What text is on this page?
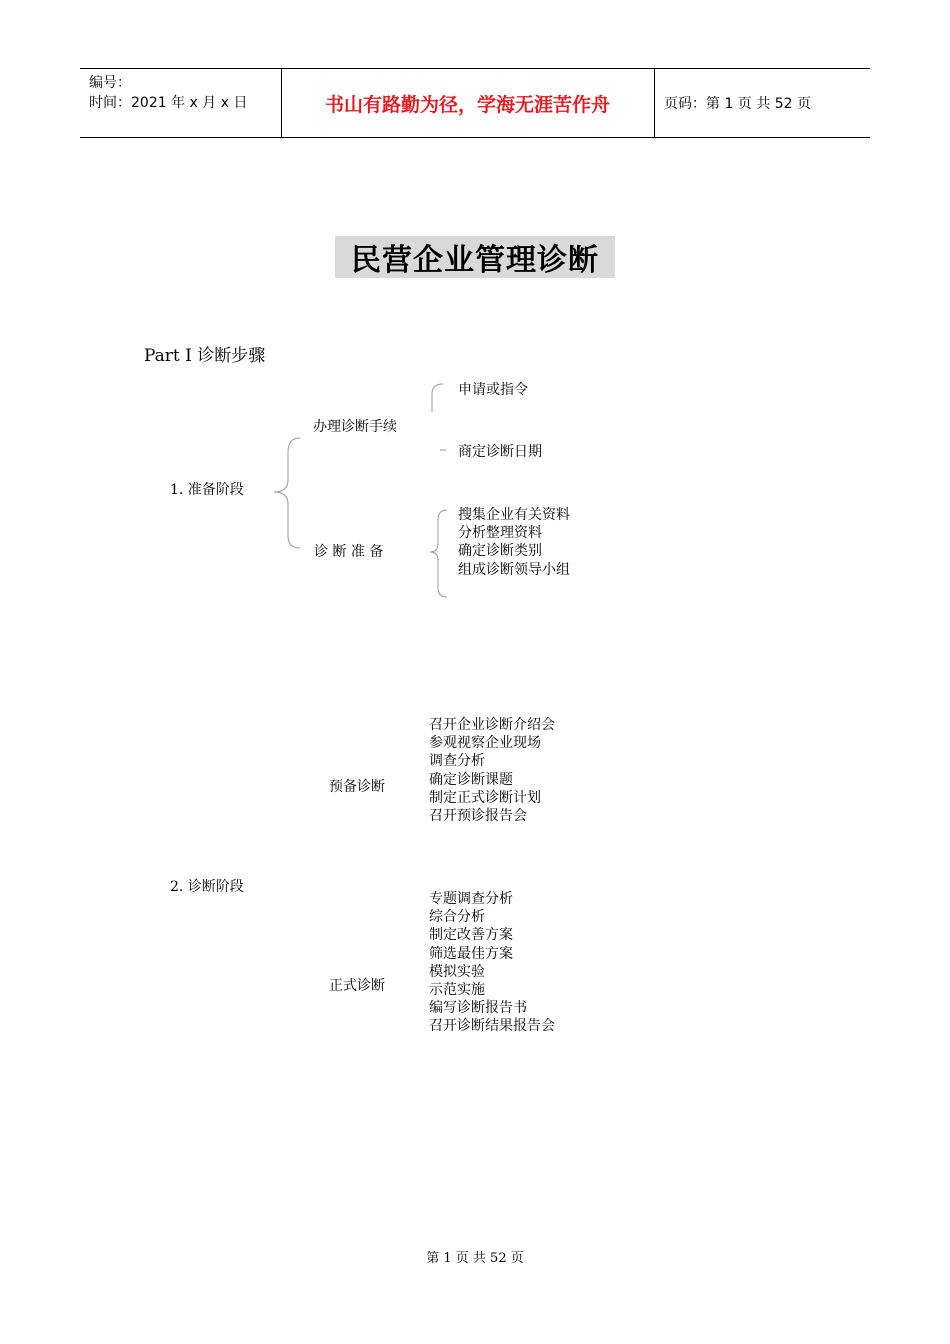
编号：
时间：2021 年 x 月 x 日	书山有路勤为径，学海无涯苦作舟	页码：第 1 页 共 52 页
民营企业管理诊断
Part Ⅰ 诊断步骤
1. 准备阶段
办理诊断手续
申请或指令
商定诊断日期
诊 断 准 备
搜集企业有关资料
分析整理资料
确定诊断类别
组成诊断领导小组
预备诊断
召开企业诊断介绍会
参观视察企业现场
调查分析
确定诊断课题
制定正式诊断计划
召开预诊报告会
2. 诊断阶段
正式诊断
专题调查分析
综合分析
制定改善方案
筛选最佳方案
模拟实验
示范实施
编写诊断报告书
召开诊断结果报告会
第 1 页 共 52 页
